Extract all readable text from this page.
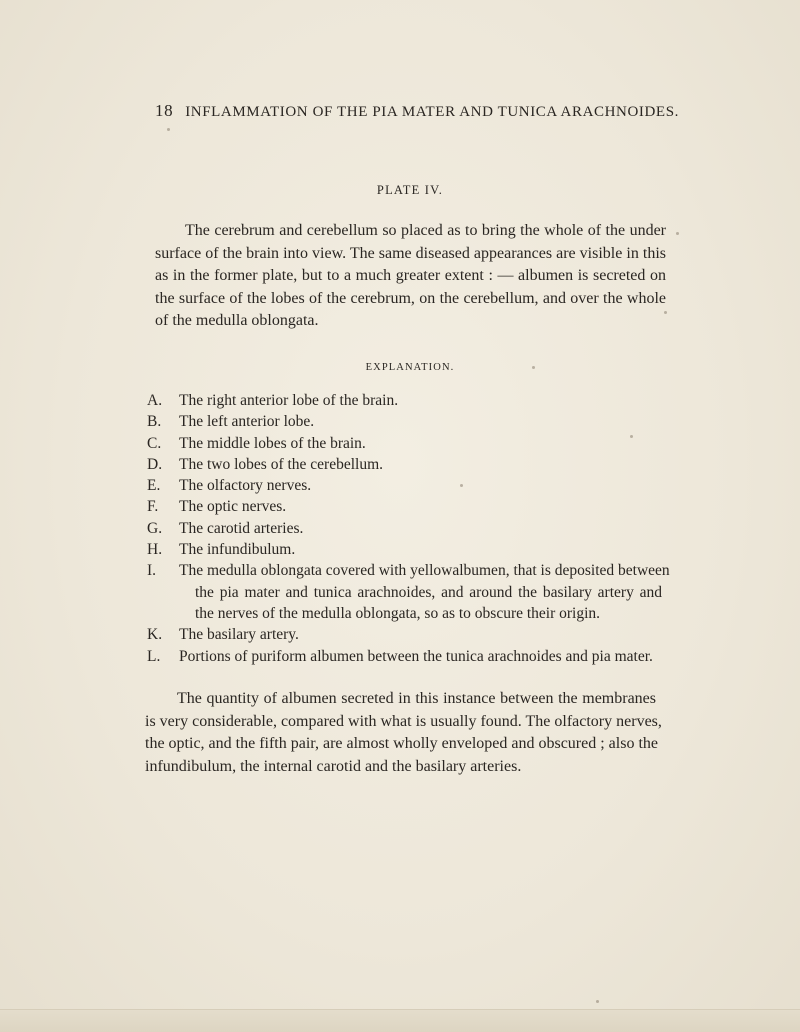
18 INFLAMMATION OF THE PIA MATER AND TUNICA ARACHNOIDES.
PLATE IV.

The cerebrum and cerebellum so placed as to bring the whole of the under
surface of the brain into view. The same diseased appearances are visible in this
as in the former plate, but to a much greater extent : — albumen is secreted on
the surface of the lobes of the cerebrum, on the cerebellum, and over the whole
of the medulla oblongata.

EXPLANATION.
A.	The right anterior lobe of the brain.
B.	The left anterior lobe.
C.	The middle lobes of the brain.
D.	The two lobes of the cerebellum.
E.	The olfactory nerves.
F.	The optic nerves.
G.	The carotid arteries.
H.	The infundibulum.
I.	The medulla oblongata covered with yellowalbumen, that is deposited between
the pia mater and tunica arachnoides, and around the basilary artery and
the nerves of the medulla oblongata, so as to obscure their origin.
K.	The basilary artery.
L.	Portions of puriform albumen between the tunica arachnoides and pia mater.

The quantity of albumen secreted in this instance between the membranes
is very considerable, compared with what is usually found. The olfactory nerves,
the optic, and the fifth pair, are almost wholly enveloped and obscured ; also the
infundibulum, the internal carotid and the basilary arteries.
